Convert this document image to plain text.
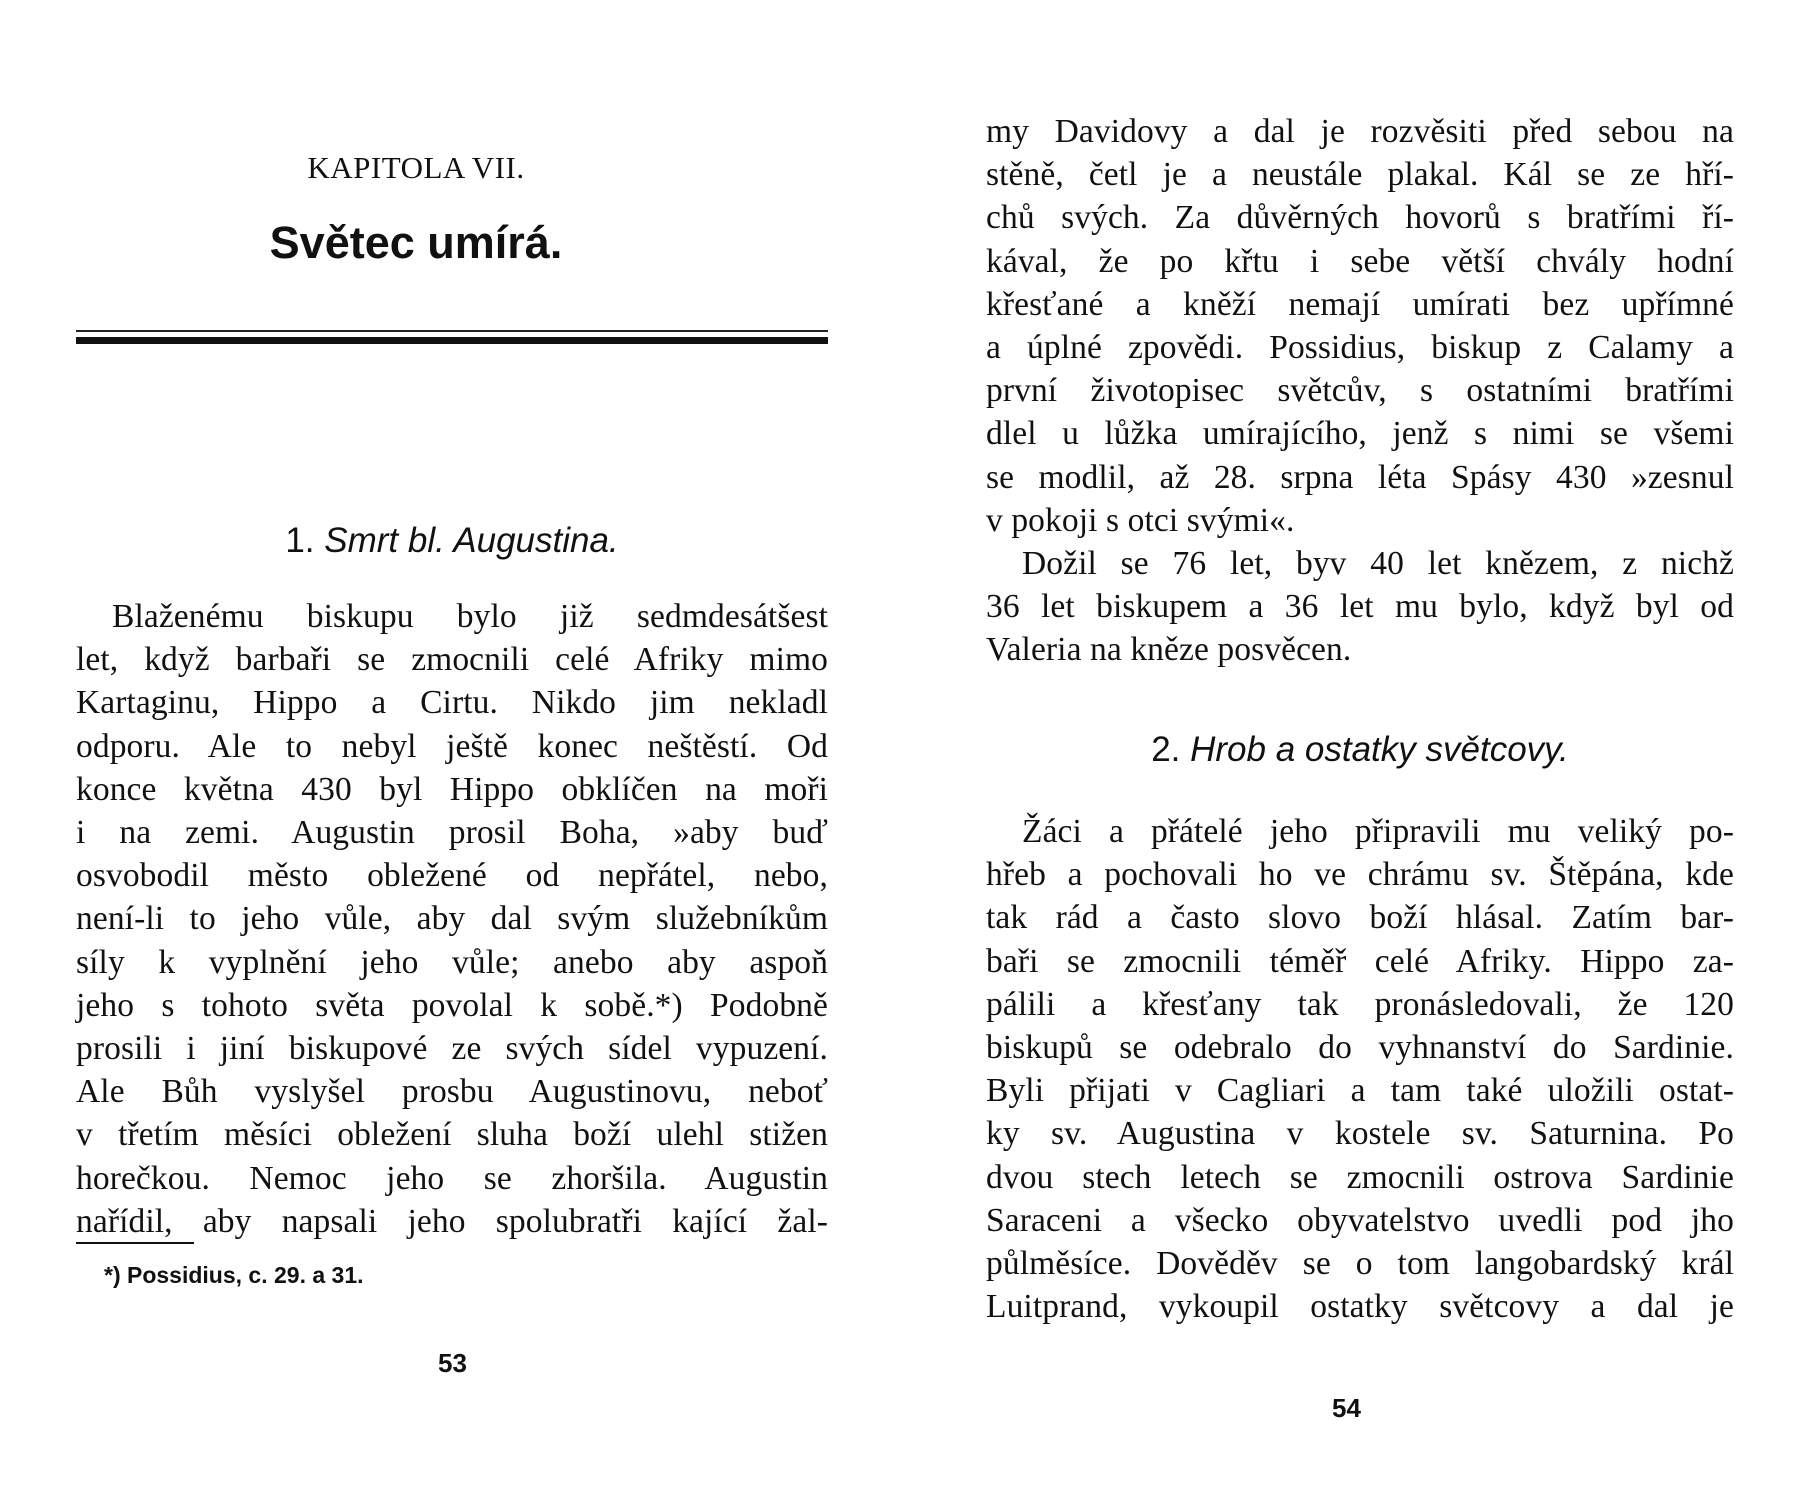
KAPITOLA VII.
Světec umírá.
1. Smrt bl. Augustina.
Blaženému biskupu bylo již sedmdesátšest
let, když barbaři se zmocnili celé Afriky mimo
Kartaginu, Hippo a Cirtu. Nikdo jim nekladl
odporu. Ale to nebyl ještě konec neštěstí. Od
konce května 430 byl Hippo obklíčen na moři
i na zemi. Augustin prosil Boha, »aby buď
osvobodil město obležené od nepřátel, nebo,
není-li to jeho vůle, aby dal svým služebníkům
síly k vyplnění jeho vůle; anebo aby aspoň
jeho s tohoto světa povolal k sobě.*) Podobně
prosili i jiní biskupové ze svých sídel vypuzení.
Ale Bůh vyslyšel prosbu Augustinovu, neboť
v třetím měsíci obležení sluha boží ulehl stižen
horečkou. Nemoc jeho se zhoršila. Augustin
nařídil, aby napsali jeho spolubratři kající žal-
*) Possidius, c. 29. a 31.
53
my Davidovy a dal je rozvěsiti před sebou na
stěně, četl je a neustále plakal. Kál se ze hří-
chů svých. Za důvěrných hovorů s bratřími ří-
kával, že po křtu i sebe větší chvály hodní
křesťané a kněží nemají umírati bez upřímné
a úplné zpovědi. Possidius, biskup z Calamy a
první životopisec světcův, s ostatními bratřími
dlel u lůžka umírajícího, jenž s nimi se všemi
se modlil, až 28. srpna léta Spásy 430 »zesnul
v pokoji s otci svými«.
Dožil se 76 let, byv 40 let knězem, z nichž
36 let biskupem a 36 let mu bylo, když byl od
Valeria na kněze posvěcen.
2. Hrob a ostatky světcovy.
Žáci a přátelé jeho připravili mu veliký po-
hřeb a pochovali ho ve chrámu sv. Štěpána, kde
tak rád a často slovo boží hlásal. Zatím bar-
baři se zmocnili téměř celé Afriky. Hippo za-
pálili a křesťany tak pronásledovali, že 120
biskupů se odebralo do vyhnanství do Sardinie.
Byli přijati v Cagliari a tam také uložili ostat-
ky sv. Augustina v kostele sv. Saturnina. Po
dvou stech letech se zmocnili ostrova Sardinie
Saraceni a všecko obyvatelstvo uvedli pod jho
půlměsíce. Dověděv se o tom langobardský král
Luitprand, vykoupil ostatky světcovy a dal je
54
